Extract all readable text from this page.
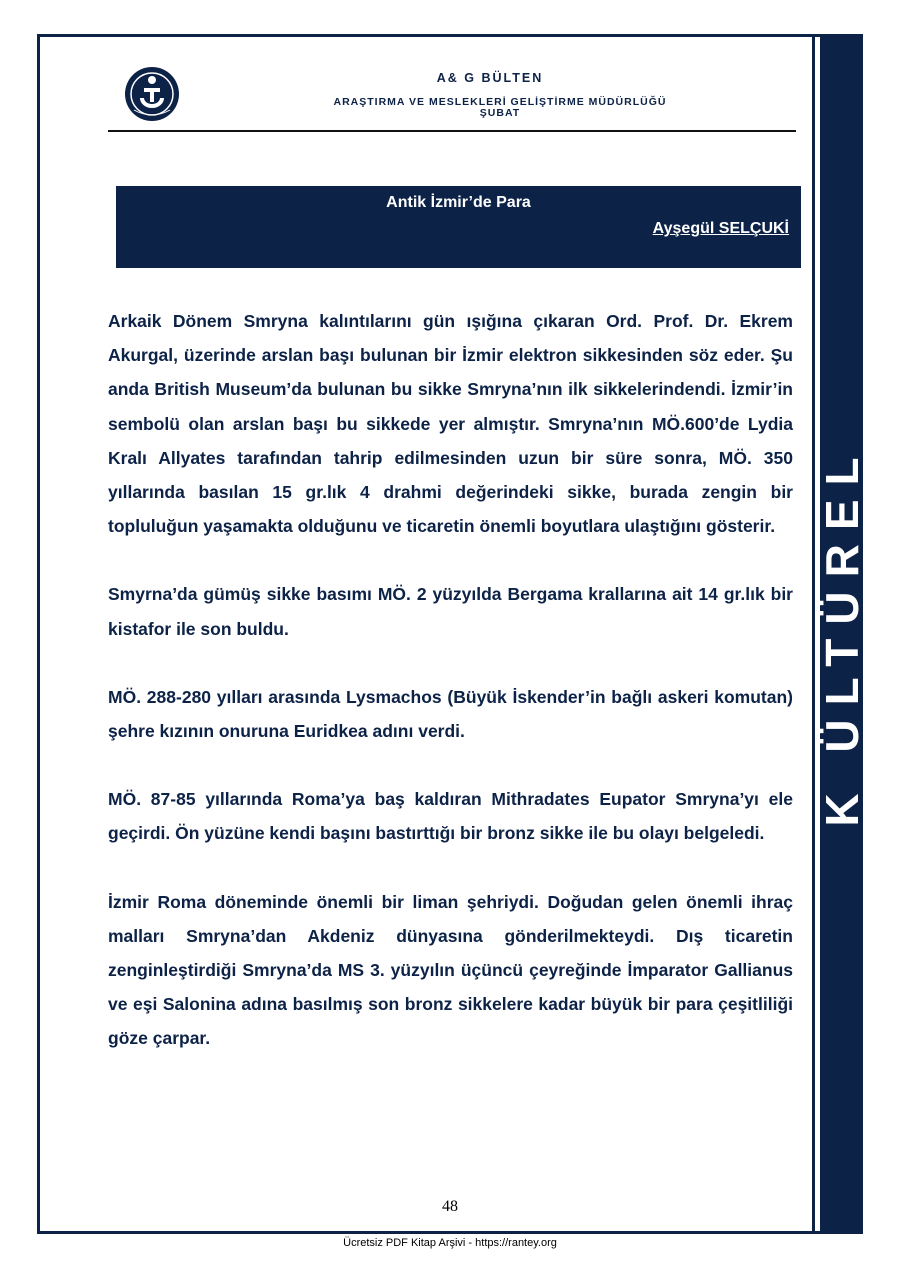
K ÜLTÜREL
A& G BÜLTEN
ARAŞTIRMA VE MESLEKLERİ GELİŞTİRME MÜDÜRLÜĞÜ
ŞUBAT
Antik İzmir’de Para
Ayşegül SELÇUKİ

Arkaik Dönem Smryna kalıntılarını gün ışığına çıkaran Ord. Prof. Dr. Ekrem Akurgal, üzerinde arslan başı bulunan bir İzmir elektron sikkesinden söz eder. Şu anda British Museum’da bulunan bu sikke Smryna’nın ilk sikkelerindendi. İzmir’in sembolü olan arslan başı bu sikkede yer almıştır. Smryna’nın MÖ.600’de Lydia Kralı Allyates tarafından tahrip edilmesinden uzun bir süre sonra, MÖ. 350 yıllarında basılan 15 gr.lık 4 drahmi değerindeki sikke, burada zengin bir topluluğun yaşamakta olduğunu ve ticaretin önemli boyutlara ulaştığını gösterir.

Smyrna’da gümüş sikke basımı MÖ. 2 yüzyılda Bergama krallarına ait 14 gr.lık bir kistafor ile son buldu.

MÖ. 288-280 yılları arasında Lysmachos (Büyük İskender’in bağlı askeri komutan) şehre kızının onuruna Euridkea adını verdi.

MÖ. 87-85 yıllarında Roma’ya baş kaldıran Mithradates Eupator Smryna’yı ele geçirdi. Ön yüzüne kendi başını bastırttığı bir bronz sikke ile bu olayı belgeledi.

İzmir Roma döneminde önemli bir liman şehriydi. Doğudan gelen önemli ihraç malları Smryna’dan Akdeniz dünyasına gönderilmekteydi. Dış ticaretin zenginleştirdiği Smryna’da MS 3. yüzyılın üçüncü çeyreğinde İmparator Gallianus ve eşi Salonina adına basılmış son bronz sikkelere kadar büyük bir para çeşitliliği göze çarpar.

48
Ücretsiz PDF Kitap Arşivi - https://rantey.org
